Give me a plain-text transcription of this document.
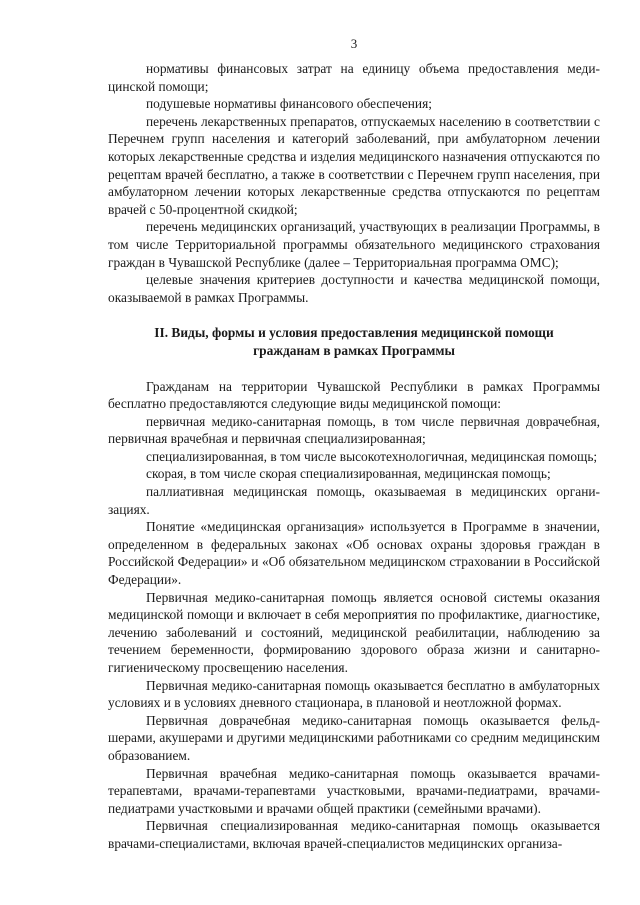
3

нормативы финансовых затрат на единицу объема предоставления медицинской помощи;

подушевые нормативы финансового обеспечения;

перечень лекарственных препаратов, отпускаемых населению в соответствии с Перечнем групп населения и категорий заболеваний, при амбулаторном лечении которых лекарственные средства и изделия медицинского назначения отпускаются по рецептам врачей бесплатно, а также в соответствии с Перечнем групп населения, при амбулаторном лечении которых лекарственные средства отпускаются по рецептам врачей с 50-процентной скидкой;

перечень медицинских организаций, участвующих в реализации Программы, в том числе Территориальной программы обязательного медицинского страхования граждан в Чувашской Республике (далее – Территориальная программа ОМС);

целевые значения критериев доступности и качества медицинской помощи, оказываемой в рамках Программы.

II. Виды, формы и условия предоставления медицинской помощи
гражданам в рамках Программы

Гражданам на территории Чувашской Республики в рамках Программы бесплатно предоставляются следующие виды медицинской помощи:

первичная медико-санитарная помощь, в том числе первичная доврачебная, первичная врачебная и первичная специализированная;

специализированная, в том числе высокотехнологичная, медицинская помощь;

скорая, в том числе скорая специализированная, медицинская помощь;

паллиативная медицинская помощь, оказываемая в медицинских организациях.

Понятие «медицинская организация» используется в Программе в значении, определенном в федеральных законах «Об основах охраны здоровья граждан в Российской Федерации» и «Об обязательном медицинском страховании в Российской Федерации».

Первичная медико-санитарная помощь является основой системы оказания медицинской помощи и включает в себя мероприятия по профилактике, диагностике, лечению заболеваний и состояний, медицинской реабилитации, наблюдению за течением беременности, формированию здорового образа жизни и санитарно-гигиеническому просвещению населения.

Первичная медико-санитарная помощь оказывается бесплатно в амбулаторных условиях и в условиях дневного стационара, в плановой и неотложной формах.

Первичная доврачебная медико-санитарная помощь оказывается фельдшерами, акушерами и другими медицинскими работниками со средним медицинским образованием.

Первичная врачебная медико-санитарная помощь оказывается врачами-терапевтами, врачами-терапевтами участковыми, врачами-педиатрами, врачами-педиатрами участковыми и врачами общей практики (семейными врачами).

Первичная специализированная медико-санитарная помощь оказывается врачами-специалистами, включая врачей-специалистов медицинских организа-
